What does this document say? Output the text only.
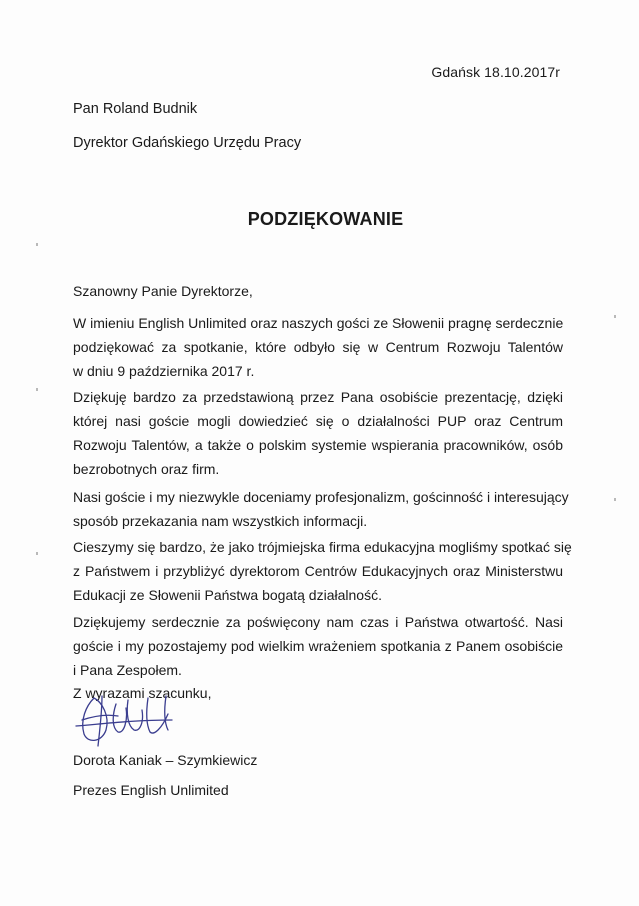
Gdańsk 18.10.2017r
Pan Roland Budnik
Dyrektor Gdańskiego Urzędu Pracy
PODZIĘKOWANIE
Szanowny Panie Dyrektorze,
W imieniu English Unlimited oraz naszych gości ze Słowenii pragnę serdecznie
podziękować za spotkanie, które odbyło się w Centrum Rozwoju Talentów
w dniu 9 października 2017 r.
Dziękuję bardzo za przedstawioną przez Pana osobiście prezentację, dzięki
której nasi goście mogli dowiedzieć się o działalności PUP oraz Centrum
Rozwoju Talentów, a także o polskim systemie wspierania pracowników, osób
bezrobotnych oraz firm.
Nasi goście i my niezwykle doceniamy profesjonalizm, gościnność i interesujący
sposób przekazania nam wszystkich informacji.
Cieszymy się bardzo, że jako trójmiejska firma edukacyjna mogliśmy spotkać się
z Państwem i przybliżyć dyrektorom Centrów Edukacyjnych oraz Ministerstwu
Edukacji ze Słowenii Państwa bogatą działalność.
Dziękujemy serdecznie za poświęcony nam czas i Państwa otwartość. Nasi
goście i my pozostajemy pod wielkim wrażeniem spotkania z Panem osobiście
i Pana Zespołem.
Z wyrazami szacunku,
Dorota Kaniak – Szymkiewicz
Prezes English Unlimited
